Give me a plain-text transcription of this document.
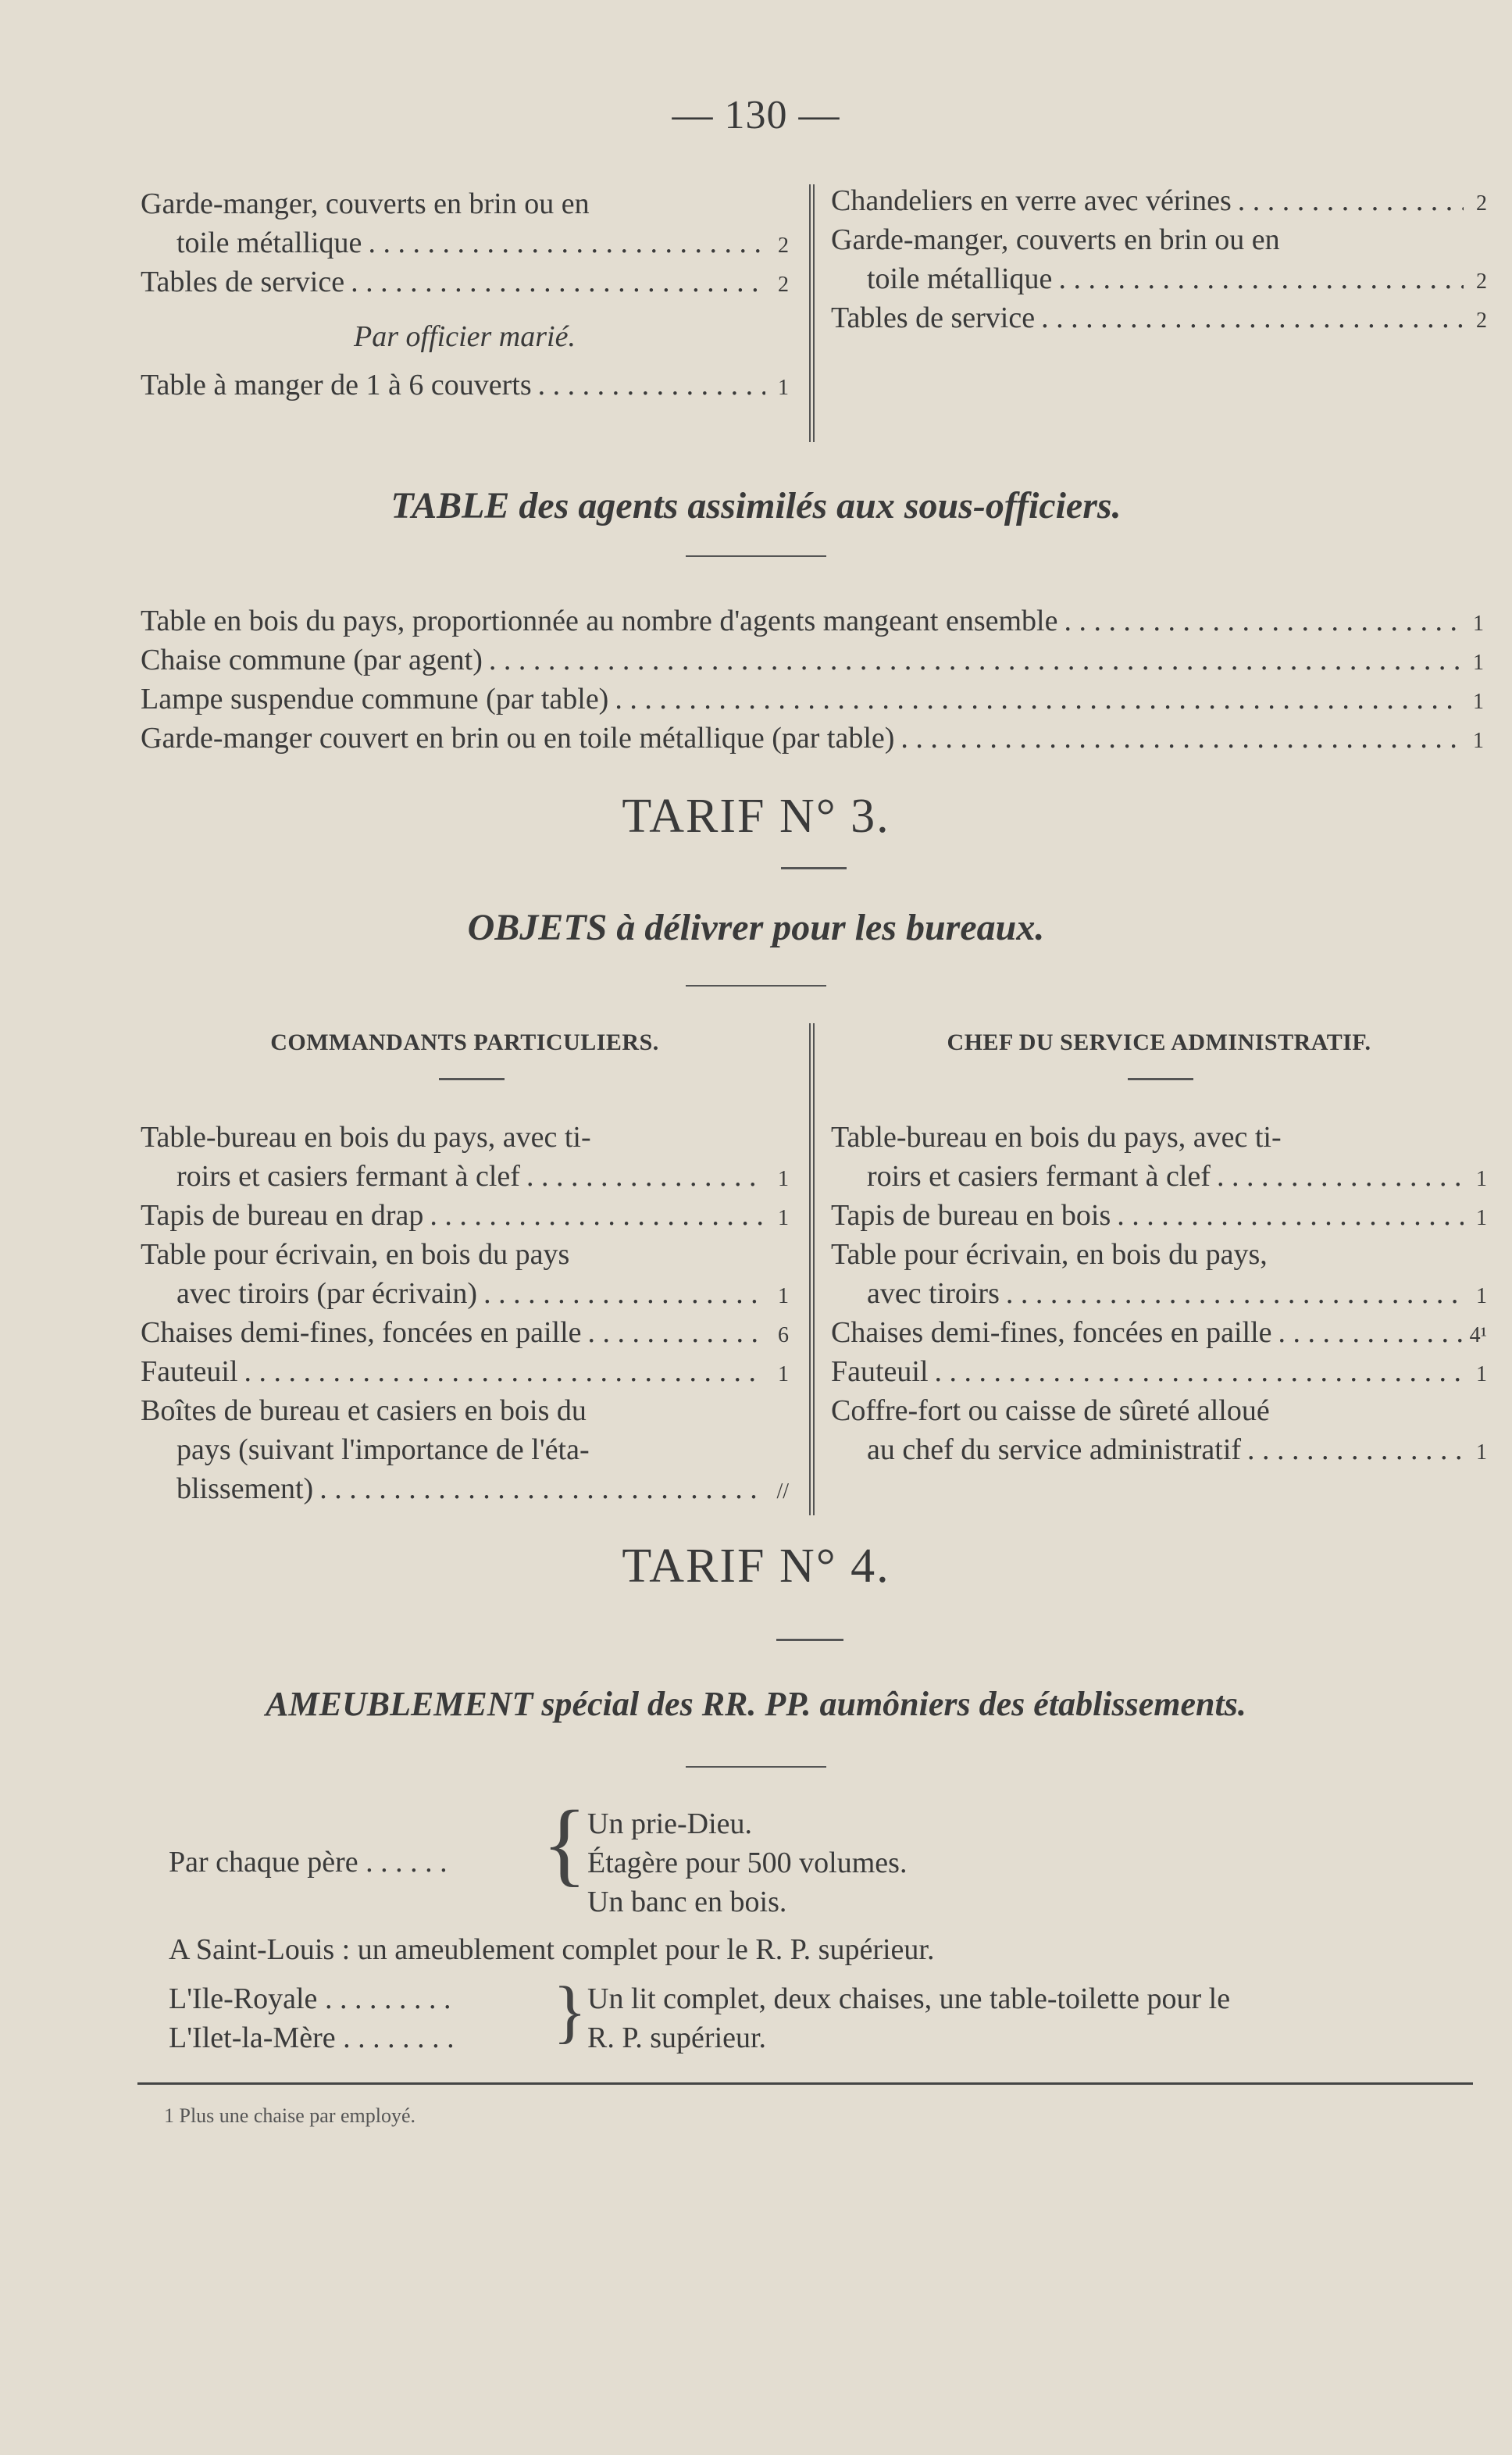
— 130 —
Garde-manger, couverts en brin ou en
toile métallique . . .	2
Tables de service . . .	2
Par officier marié.
Table à manger de 1 à 6 couverts . . .	1
Chandeliers en verre avec vérines . . .	2
Garde-manger, couverts en brin ou en
toile métallique . . .	2
Tables de service . . .	2
TABLE des agents assimilés aux sous-officiers.
Table en bois du pays, proportionnée au nombre d'agents mangeant ensemble . . .	1
Chaise commune (par agent) . . .	1
Lampe suspendue commune (par table) . . .	1
Garde-manger couvert en brin ou en toile métallique (par table) . . .	1
TARIF N° 3.
OBJETS à délivrer pour les bureaux.
COMMANDANTS PARTICULIERS.	CHEF DU SERVICE ADMINISTRATIF.
Table-bureau en bois du pays, avec ti-
roirs et casiers fermant à clef . . .	1
Tapis de bureau en drap . . .	1
Table pour écrivain, en bois du pays
avec tiroirs (par écrivain) . . .	1
Chaises demi-fines, foncées en paille . . .	6
Fauteuil . . .	1
Boîtes de bureau et casiers en bois du
pays (suivant l'importance de l'éta-
blissement) . . .	//
Table-bureau en bois du pays, avec ti-
roirs et casiers fermant à clef . . .	1
Tapis de bureau en bois . . .	1
Table pour écrivain, en bois du pays,
avec tiroirs . . .	1
Chaises demi-fines, foncées en paille . . .	4¹
Fauteuil . . .	1
Coffre-fort ou caisse de sûreté alloué
au chef du service administratif . . .	1
TARIF N° 4.
AMEUBLEMENT spécial des RR. PP. aumôniers des établissements.
Par chaque père . . . . . . { Un prie-Dieu.
Étagère pour 500 volumes.
Un banc en bois.
A Saint-Louis : un ameublement complet pour le R. P. supérieur.
L'Ile-Royale . . . . . . . . .
L'Ilet-la-Mère . . . . . . . . } Un lit complet, deux chaises, une table-toilette pour le
R. P. supérieur.
1 Plus une chaise par employé.
